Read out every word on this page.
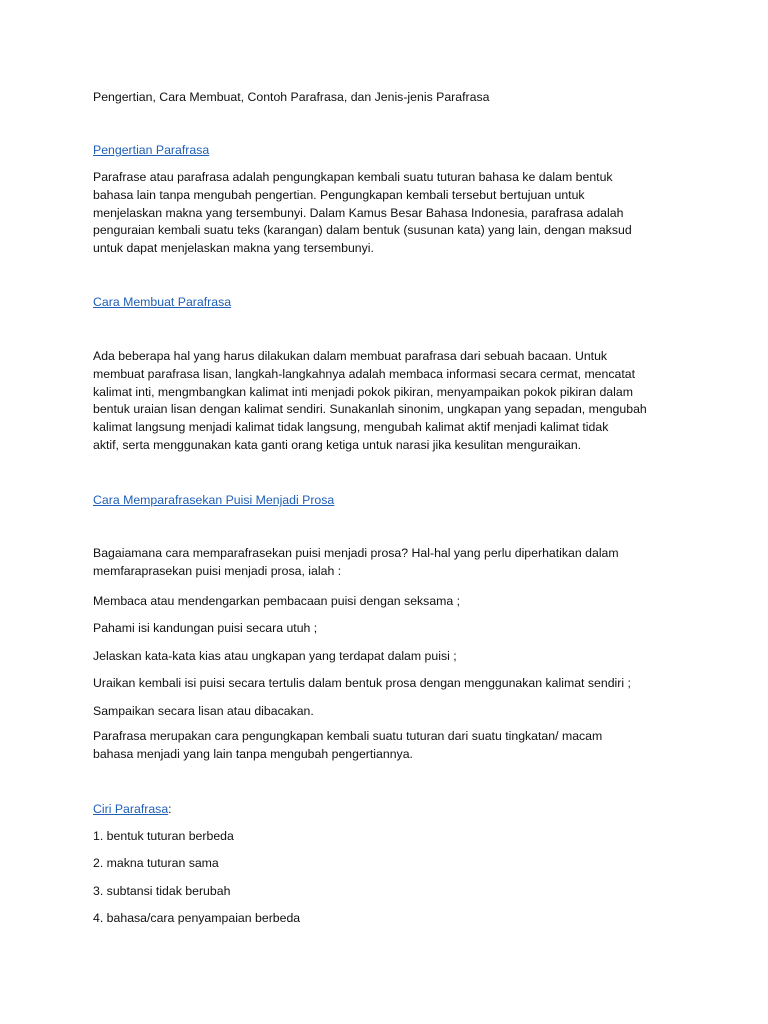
Pengertian, Cara Membuat, Contoh Parafrasa, dan Jenis-jenis Parafrasa
Pengertian Parafrasa
Parafrase atau parafrasa adalah pengungkapan kembali suatu tuturan bahasa ke dalam bentuk
bahasa lain tanpa mengubah pengertian. Pengungkapan kembali tersebut bertujuan untuk
menjelaskan makna yang tersembunyi. Dalam Kamus Besar Bahasa Indonesia, parafrasa adalah
penguraian kembali suatu teks (karangan) dalam bentuk (susunan kata) yang lain, dengan maksud
untuk dapat menjelaskan makna yang tersembunyi.
Cara Membuat Parafrasa
Ada beberapa hal yang harus dilakukan dalam membuat parafrasa dari sebuah bacaan. Untuk
membuat parafrasa lisan, langkah-langkahnya adalah membaca informasi secara cermat, mencatat
kalimat inti, mengmbangkan kalimat inti menjadi pokok pikiran, menyampaikan pokok pikiran dalam
bentuk uraian lisan dengan kalimat sendiri. Sunakanlah sinonim, ungkapan yang sepadan, mengubah
kalimat langsung menjadi kalimat tidak langsung, mengubah kalimat aktif menjadi kalimat tidak
aktif, serta menggunakan kata ganti orang ketiga untuk narasi jika kesulitan menguraikan.
Cara Memparafrasekan Puisi Menjadi Prosa
Bagaiamana cara memparafrasekan puisi menjadi prosa? Hal-hal yang perlu diperhatikan dalam
memfaraprasekan puisi menjadi prosa, ialah :
Membaca atau mendengarkan pembacaan puisi dengan seksama ;
Pahami isi kandungan puisi secara utuh ;
Jelaskan kata-kata kias atau ungkapan yang terdapat dalam puisi ;
Uraikan kembali isi puisi secara tertulis dalam bentuk prosa dengan menggunakan kalimat sendiri ;
Sampaikan secara lisan atau dibacakan.
Parafrasa merupakan cara pengungkapan kembali suatu tuturan dari suatu tingkatan/ macam
bahasa menjadi yang lain tanpa mengubah pengertiannya.
Ciri Parafrasa:
1. bentuk tuturan berbeda
2. makna tuturan sama
3. subtansi tidak berubah
4. bahasa/cara penyampaian berbeda
